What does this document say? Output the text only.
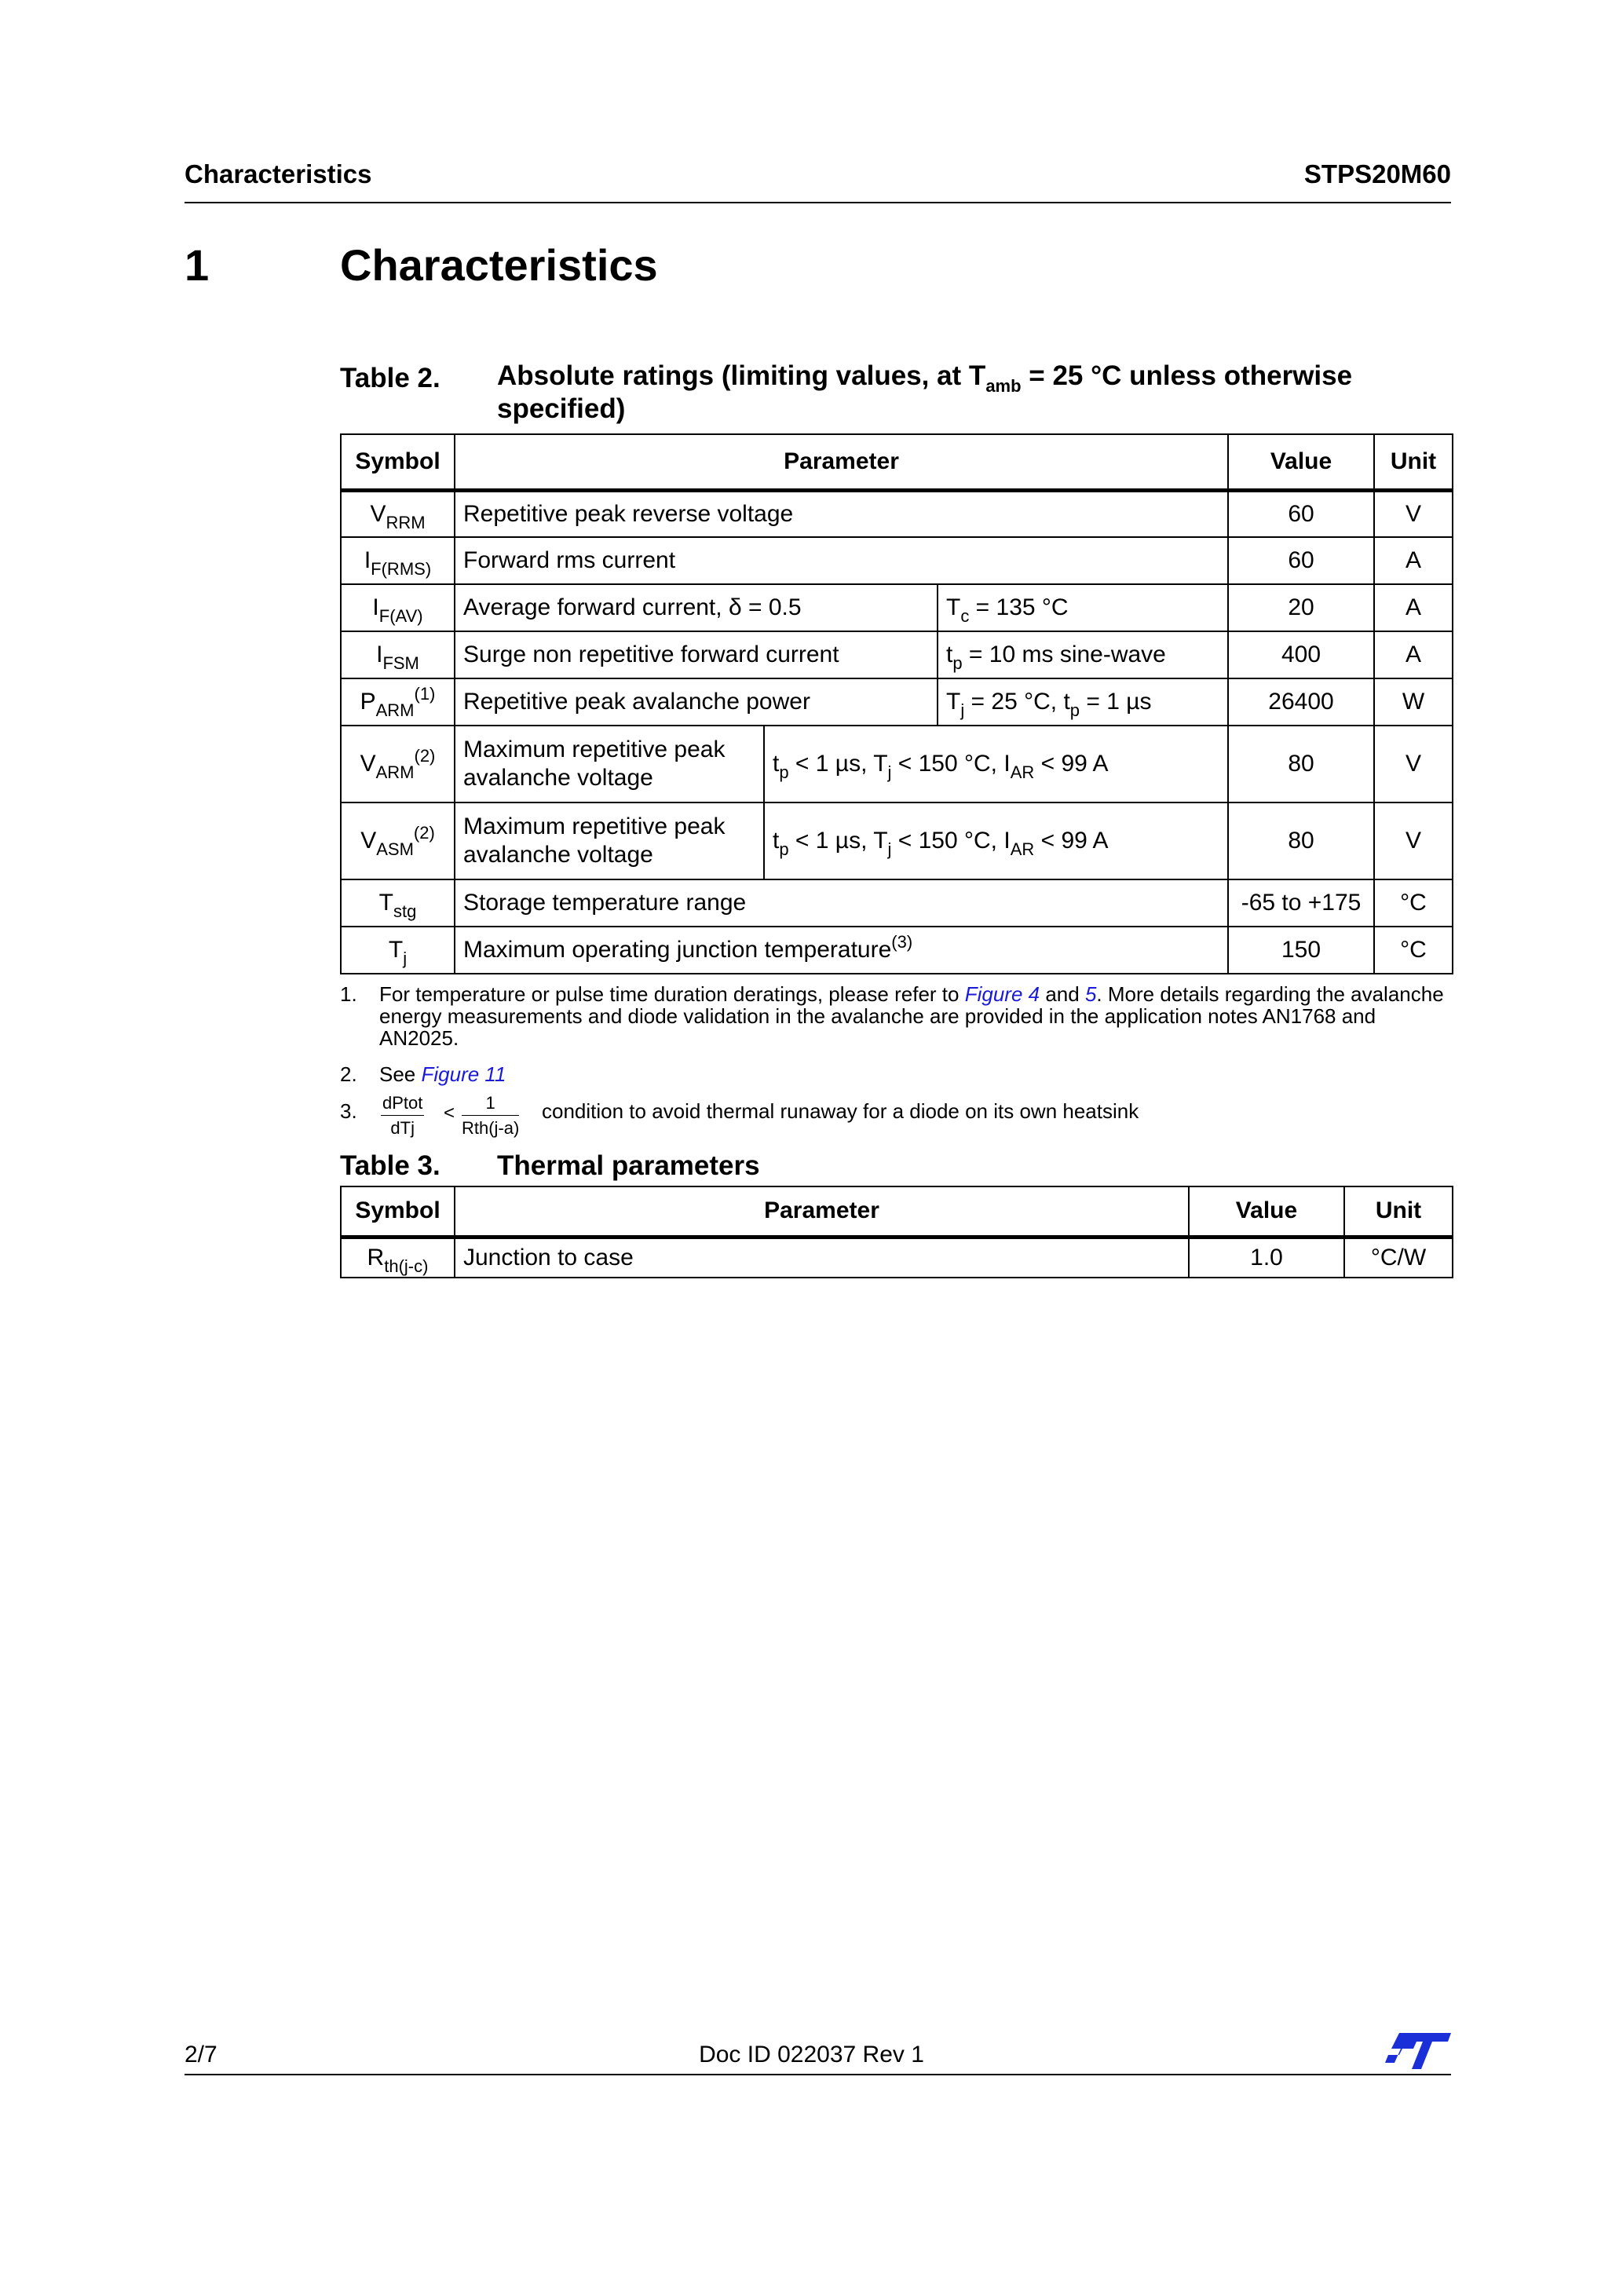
Characteristics	STPS20M60
1	Characteristics
Table 2. Absolute ratings (limiting values, at $T_{amb} = 25$ °C unless otherwise specified)
Symbol	Parameter			Value	Unit
$V_{RRM}$	Repetitive peak reverse voltage			60	V
$I_{F(RMS)}$	Forward rms current			60	A
$I_{F(AV)}$	Average forward current, δ = 0.5		$T_c = 135$ °C	20	A
$I_{FSM}$	Surge non repetitive forward current		$t_p = 10$ ms sine-wave	400	A
$P_{ARM}^{(1)}$	Repetitive peak avalanche power		$T_j = 25$ °C, $t_p = 1$ µs	26400	W
$V_{ARM}^{(2)}$	Maximum repetitive peak avalanche voltage	$t_p < 1$ µs, $T_j < 150$ °C, $I_{AR} < 99$ A		80	V
$V_{ASM}^{(2)}$	Maximum repetitive peak avalanche voltage	$t_p < 1$ µs, $T_j < 150$ °C, $I_{AR} < 99$ A		80	V
$T_{stg}$	Storage temperature range			-65 to +175	°C
$T_j$	Maximum operating junction temperature$^{(3)}$			150	°C
1. For temperature or pulse time duration deratings, please refer to Figure 4 and 5. More details regarding the avalanche energy measurements and diode validation in the avalanche are provided in the application notes AN1768 and AN2025.
2. See Figure 11
3. dPtot
dTj
<	1
Rth(j-a)
condition to avoid thermal runaway for a diode on its own heatsink
Table 3. Thermal parameters
Symbol	Parameter	Value	Unit
$R_{th(j-c)}$	Junction to case	1.0	°C/W
2/7	Doc ID 022037 Rev 1
